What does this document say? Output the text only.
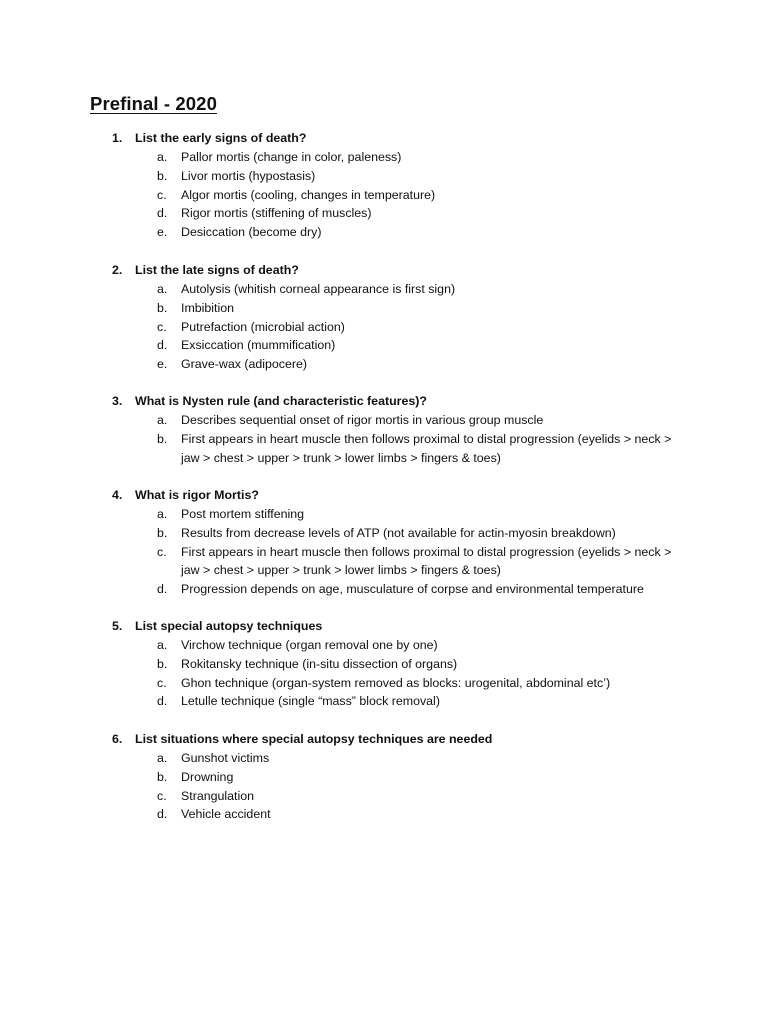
Prefinal - 2020
1. List the early signs of death?
a. Pallor mortis (change in color, paleness)
b. Livor mortis (hypostasis)
c. Algor mortis (cooling, changes in temperature)
d. Rigor mortis (stiffening of muscles)
e. Desiccation (become dry)
2. List the late signs of death?
a. Autolysis (whitish corneal appearance is first sign)
b. Imbibition
c. Putrefaction (microbial action)
d. Exsiccation (mummification)
e. Grave-wax (adipocere)
3. What is Nysten rule (and characteristic features)?
a. Describes sequential onset of rigor mortis in various group muscle
b. First appears in heart muscle then follows proximal to distal progression (eyelids > neck > jaw > chest > upper > trunk > lower limbs > fingers & toes)
4. What is rigor Mortis?
a. Post mortem stiffening
b. Results from decrease levels of ATP (not available for actin-myosin breakdown)
c. First appears in heart muscle then follows proximal to distal progression (eyelids > neck > jaw > chest > upper > trunk > lower limbs > fingers & toes)
d. Progression depends on age, musculature of corpse and environmental temperature
5. List special autopsy techniques
a. Virchow technique (organ removal one by one)
b. Rokitansky technique (in-situ dissection of organs)
c. Ghon technique (organ-system removed as blocks: urogenital, abdominal etc’)
d. Letulle technique (single “mass” block removal)
6. List situations where special autopsy techniques are needed
a. Gunshot victims
b. Drowning
c. Strangulation
d. Vehicle accident
